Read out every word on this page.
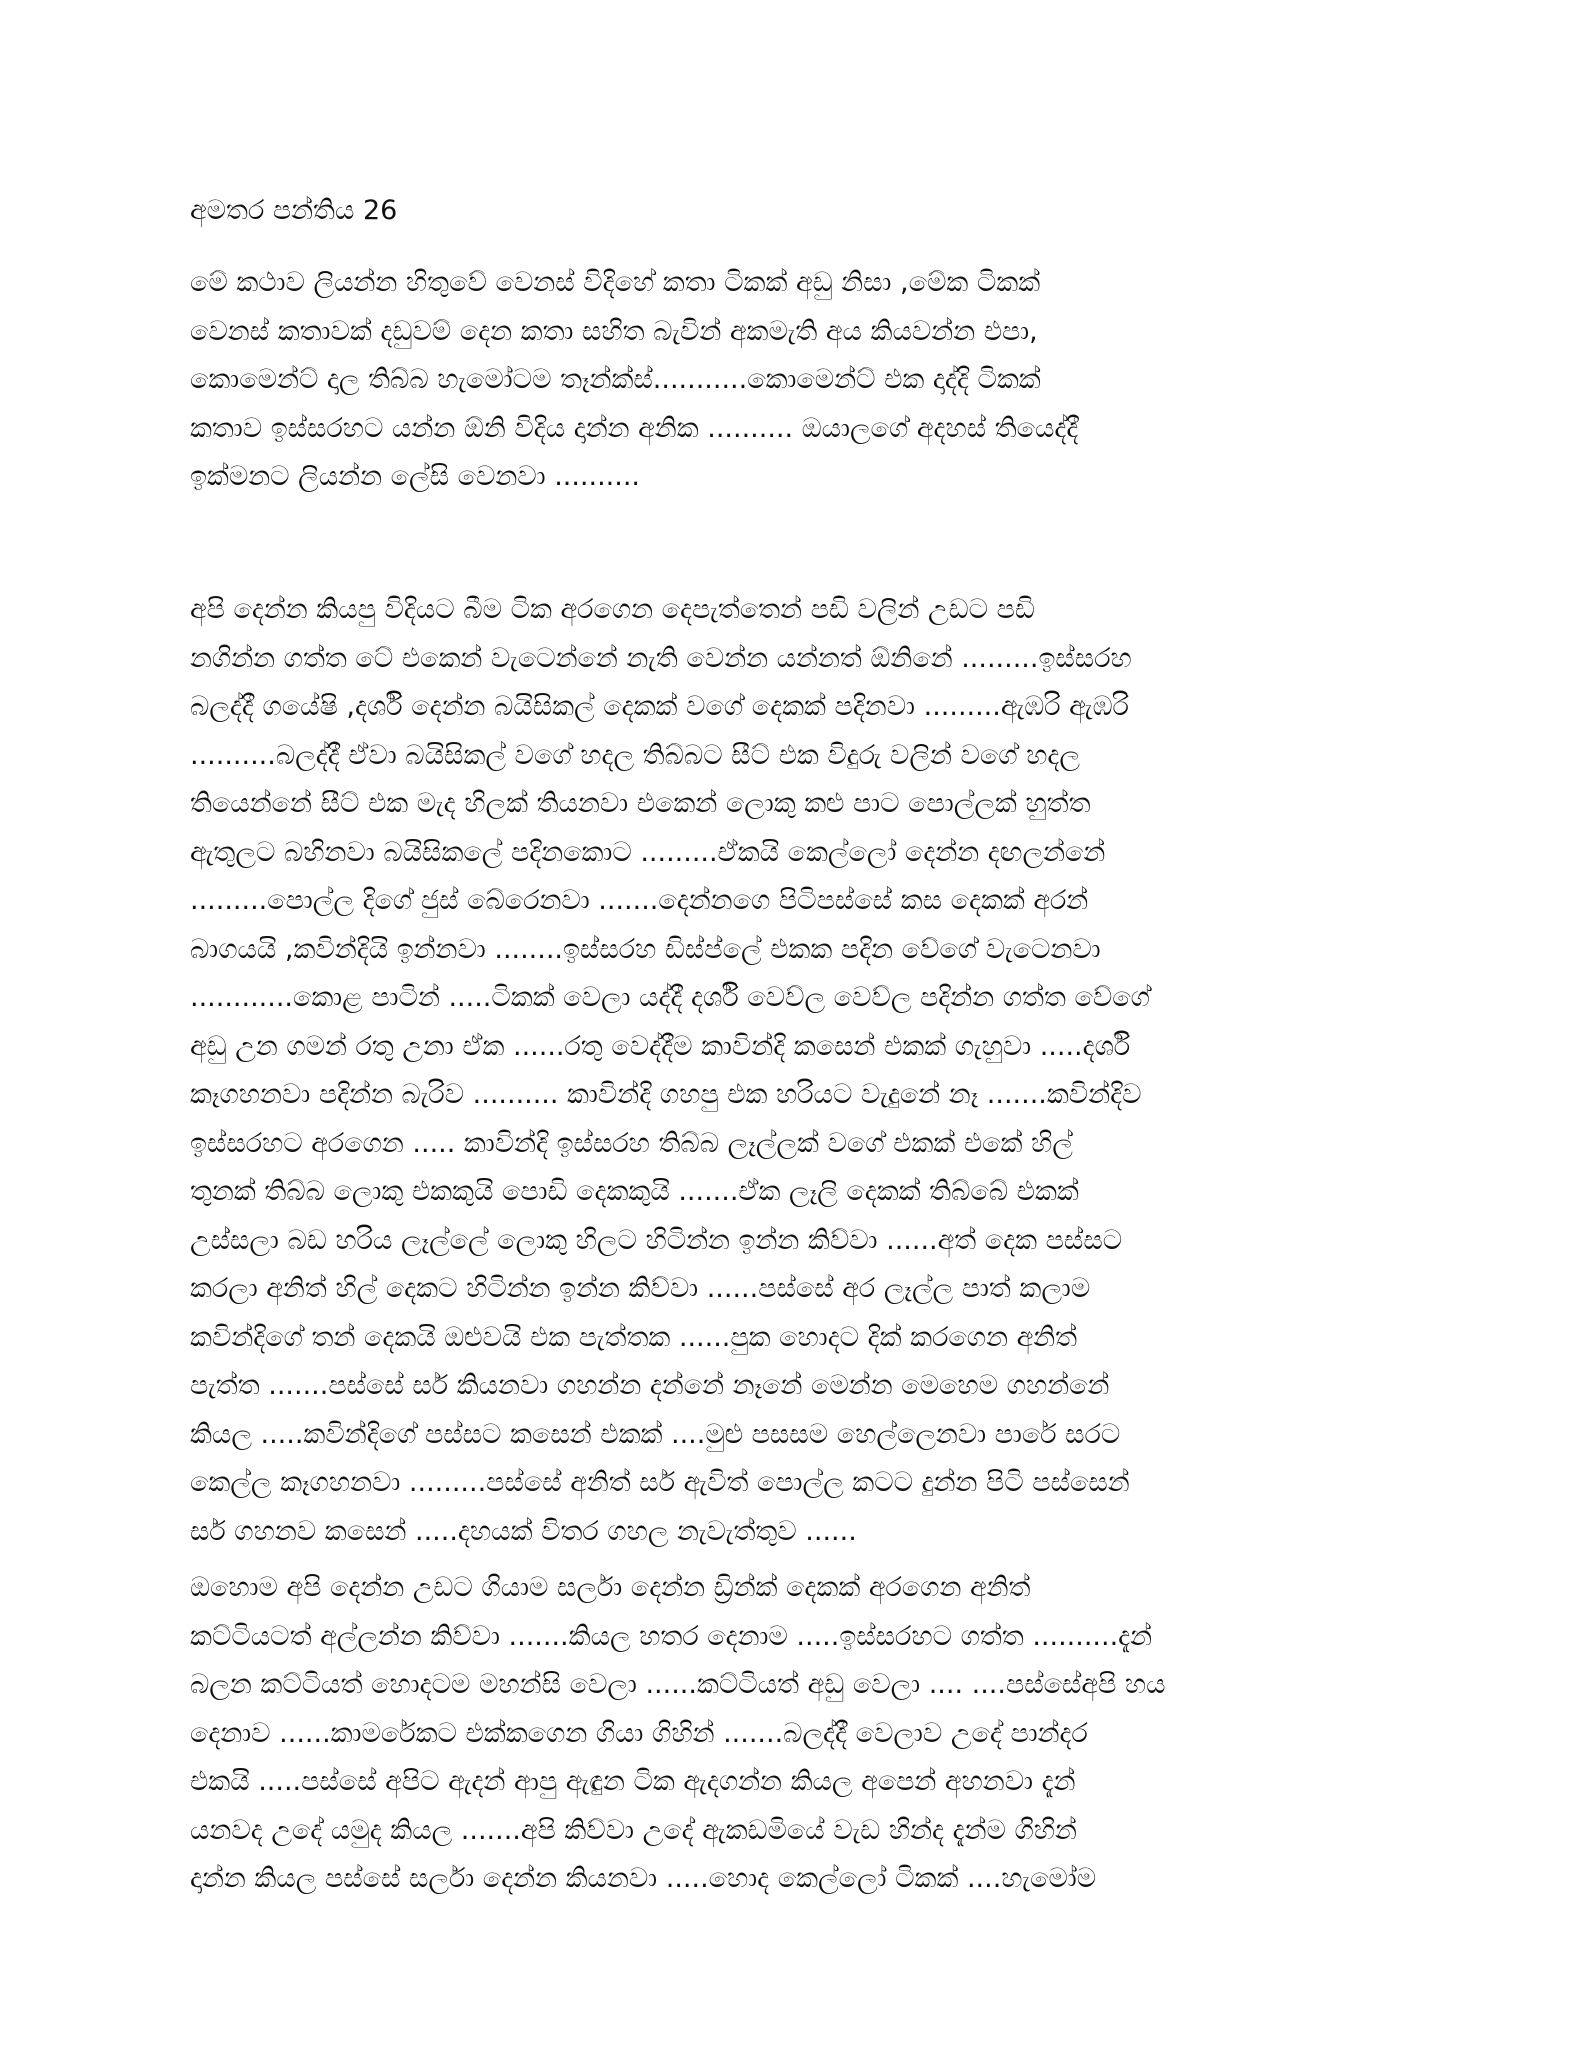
අමතර පන්තිය 26
මේ කථාව ලියන්න හිතුවේ වෙනස් විදිහේ කතා ටිකක් අඩු නිසා ,මේක ටිකක්
වෙනස් කතාවක් දඩුවම් දෙන කතා සහිත බැවින් අකමැති අය කියවන්න එපා,
කොමෙන්ට් දාල තිබ්බ හැමෝටම තෑන්ක්ස්...........කොමෙන්ට් එක දාද්දි ටිකක්
කතාව ඉස්සරහට යන්න ඕනි විදිය දාන්න අනික .......... ඔයාලගේ අදහස් තියෙද්දී
ඉක්මනට ලියන්න ලේසි වෙනවා ..........
අපි දෙන්න කියපු විදියට බීම ටික අරගෙන දෙපැත්තෙන් පඩි වලින් උඩට පඩි
නගින්න ගත්ත ටේ එකෙන් වැටෙන්නේ නැති වෙන්න යන්නත් ඕනිනේ .........ඉස්සරහ
බලද්දී ගයේෂි ,දර්ශි දෙන්න බයිසිකල් දෙකක් වගේ දෙකක් පදිනවා .........ඇඹරි ඇඹරි
..........බලද්දී ඒවා බයිසිකල් වගේ හදල තිබ්බට සීට් එක විදුරු වලින් වගේ හදල
තියෙන්නේ සීට් එක මැද හිලක් තියනවා එකෙන් ලොකු කළු පාට පොල්ලක් හුත්ත
ඇතුලට බහිනවා බයිසිකලේ පදිනකොට .........ඒකයි කෙල්ලෝ දෙන්න දඟලන්නේ
.........පොල්ල දිගේ ජුස් බේරෙනවා .......දෙන්නගෙ පිටිපස්සේ කස දෙකක් අරන්
බාගයයි ,කවින්දියි ඉන්නවා ........ඉස්සරහ ඩිස්ප්ලේ එකක පදින වේගේ වැටෙනවා
............කොළ පාටින් .....ටිකක් වෙලා යද්දී දර්ශි වෙව්ල වෙව්ල පදින්න ගත්ත වේගේ
අඩු උන ගමන් රතු උනා ඒක ......රතු වෙද්දීම කාවින්දි කසෙන් එකක් ගැහුවා .....දර්ශි
කෑගහනවා පදින්න බැරිව .......... කාවින්දි ගහපු එක හරියට වැදුනේ නෑ .......කවින්දිව
ඉස්සරහට අරගෙන ..... කාවින්දි ඉස්සරහ තිබ්බ ලෑල්ලක් වගේ එකක් එකේ හිල්
තුනක් තිබ්බ ලොකු එකකුයි පොඩි දෙකකුයි .......ඒක ලෑලි දෙකක් තිබ්බේ එකක්
උස්සලා බඩ හරිය ලෑල්ලේ ලොකු හිලට හිටින්න ඉන්න කිව්වා ......අත් දෙක පස්සට
කරලා අනිත් හිල් දෙකට හිටින්න ඉන්න කිව්වා ......පස්සේ අර ලෑල්ල පාත් කලාම
කවින්දිගේ තන් දෙකයි ඔළුවයි එක පැත්තක ......පුක හොදට දික් කරගෙන අනිත්
පැත්ත .......පස්සේ සර් කියනවා ගහන්න දන්නේ නෑනේ මෙන්න මෙහෙම ගහන්නේ
කියල .....කවින්දිගේ පස්සට කසෙන් එකක් ....මුළු පසසම හෙල්ලෙනවා පාරේ සරට
කෙල්ල කෑගහනවා .........පස්සේ අනිත් සර් ඇවිත් පොල්ල කටට දුන්න පිටි පස්සෙන්
සර් ගහනව කසෙන් .....දහයක් විතර ගහල නැවැත්තුව ......
ඔහොම අපි දෙන්න උඩට ගියාම සර්ලා දෙන්න ඩ්‍රින්ක් දෙකක් අරගෙන අනිත්
කට්ටියටත් අල්ලන්න කිව්වා .......කියල හතර දෙනාම .....ඉස්සරහට ගත්ත ..........දැන්
බලන කට්ටියත් හොදටම මහන්සි වෙලා ......කට්ටියත් අඩු වෙලා .... ....පස්සේඅපි හය
දෙනාව ......කාමරේකට එක්කගෙන ගියා ගිහින් .......බලද්දී වෙලාව උදේ පාන්දර
එකයි .....පස්සේ අපිට ඇදන් ආපු ඇඳුන ටික ඇදගන්න කියල අපෙන් අහනවා දැන්
යනවද උදේ යමුද කියල .......අපි කිව්වා උදේ ඇකඩමියේ වැඩ හින්ද දැන්ම ගිහින්
දාන්න කියල පස්සේ සර්ලා දෙන්න කියනවා .....හොද කෙල්ලෝ ටිකක් ....හැමෝම
